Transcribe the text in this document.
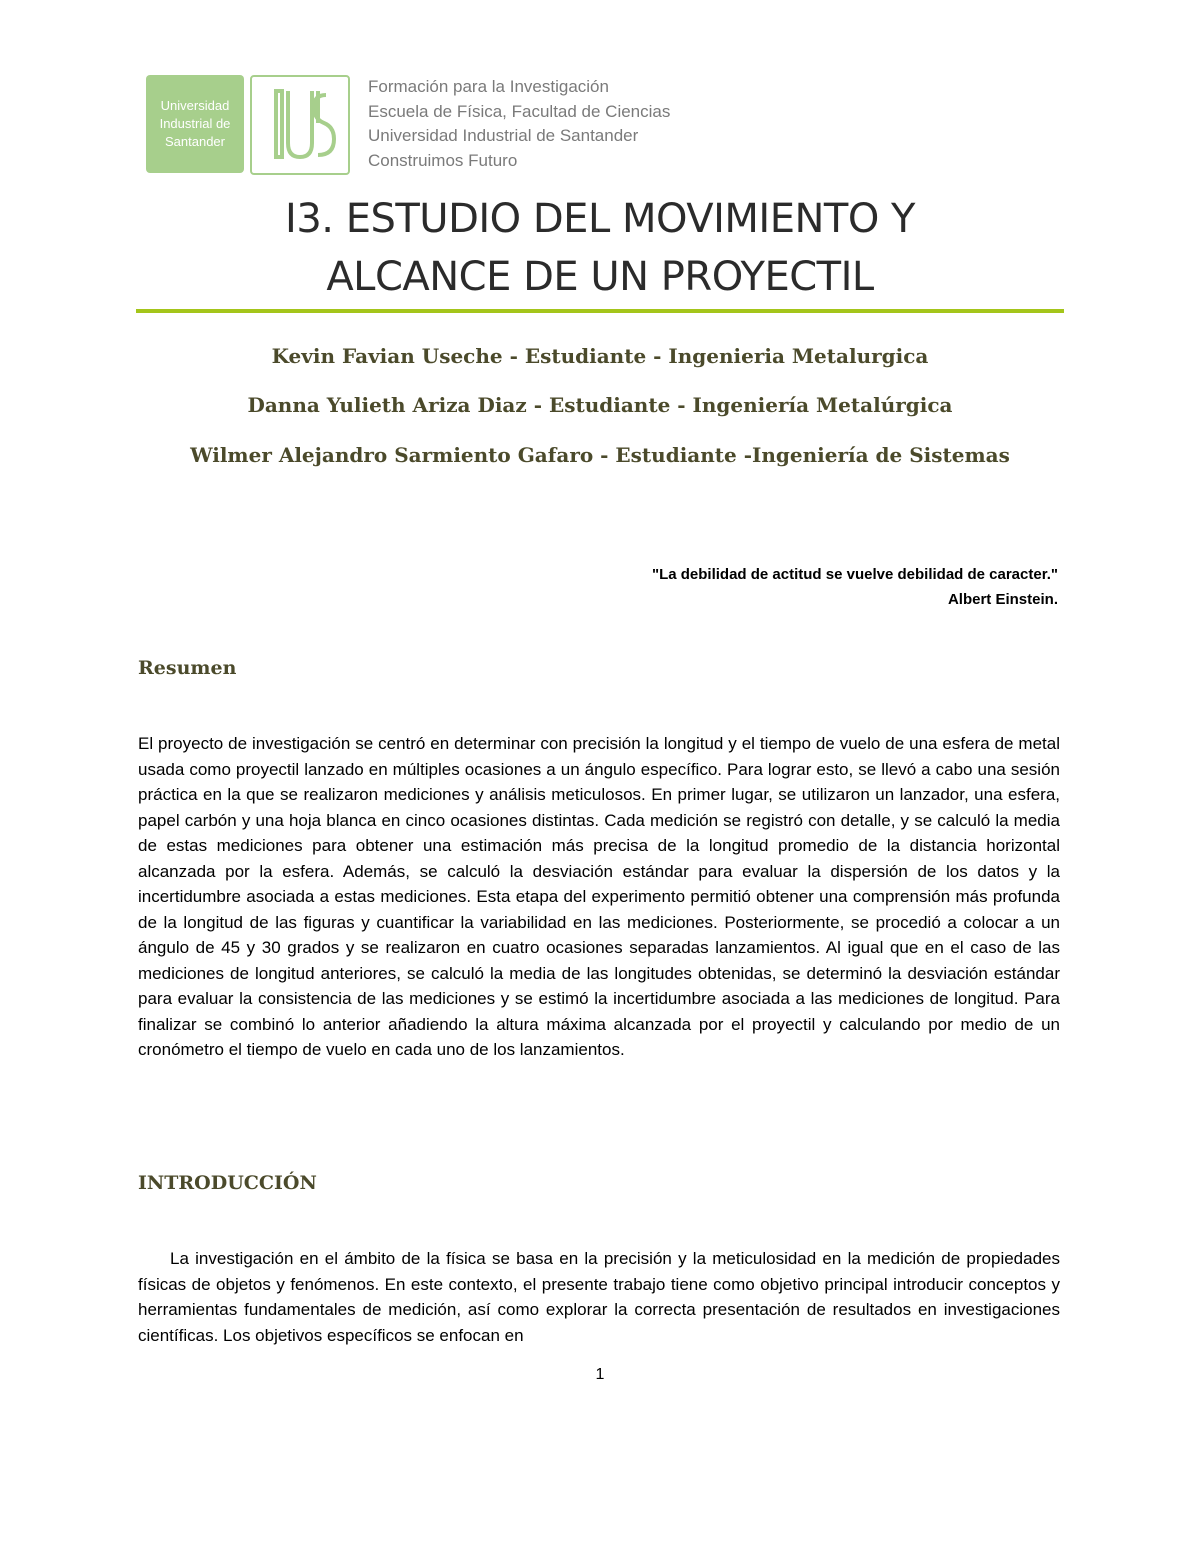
Universidad
Industrial de
Santander
Formación para la Investigación
Escuela de Física, Facultad de Ciencias
Universidad Industrial de Santander
Construimos Futuro
I3. ESTUDIO DEL MOVIMIENTO Y
ALCANCE DE UN PROYECTIL
Kevin Favian Useche - Estudiante - Ingenieria Metalurgica
Danna Yulieth Ariza Diaz - Estudiante - Ingeniería Metalúrgica
Wilmer Alejandro Sarmiento Gafaro - Estudiante -Ingeniería de Sistemas
"La debilidad de actitud se vuelve debilidad de caracter."
Albert Einstein.
Resumen
El proyecto de investigación se centró en determinar con precisión la longitud y el tiempo de vuelo de una esfera de metal usada como proyectil lanzado en múltiples ocasiones a un ángulo específico. Para lograr esto, se llevó a cabo una sesión práctica en la que se realizaron mediciones y análisis meticulosos. En primer lugar, se utilizaron un lanzador, una esfera, papel carbón y una hoja blanca en cinco ocasiones distintas. Cada medición se registró con detalle, y se calculó la media de estas mediciones para obtener una estimación más precisa de la longitud promedio de la distancia horizontal alcanzada por la esfera. Además, se calculó la desviación estándar para evaluar la dispersión de los datos y la incertidumbre asociada a estas mediciones. Esta etapa del experimento permitió obtener una comprensión más profunda de la longitud de las figuras y cuantificar la variabilidad en las mediciones. Posteriormente, se procedió a colocar a un ángulo de 45 y 30 grados y se realizaron en cuatro ocasiones separadas lanzamientos. Al igual que en el caso de las mediciones de longitud anteriores, se calculó la media de las longitudes obtenidas, se determinó la desviación estándar para evaluar la consistencia de las mediciones y se estimó la incertidumbre asociada a las mediciones de longitud. Para finalizar se combinó lo anterior añadiendo la altura máxima alcanzada por el proyectil y calculando por medio de un cronómetro el tiempo de vuelo en cada uno de los lanzamientos.
INTRODUCCIÓN
La investigación en el ámbito de la física se basa en la precisión y la meticulosidad en la medición de propiedades físicas de objetos y fenómenos. En este contexto, el presente trabajo tiene como objetivo principal introducir conceptos y herramientas fundamentales de medición, así como explorar la correcta presentación de resultados en investigaciones científicas. Los objetivos específicos se enfocan en
1
